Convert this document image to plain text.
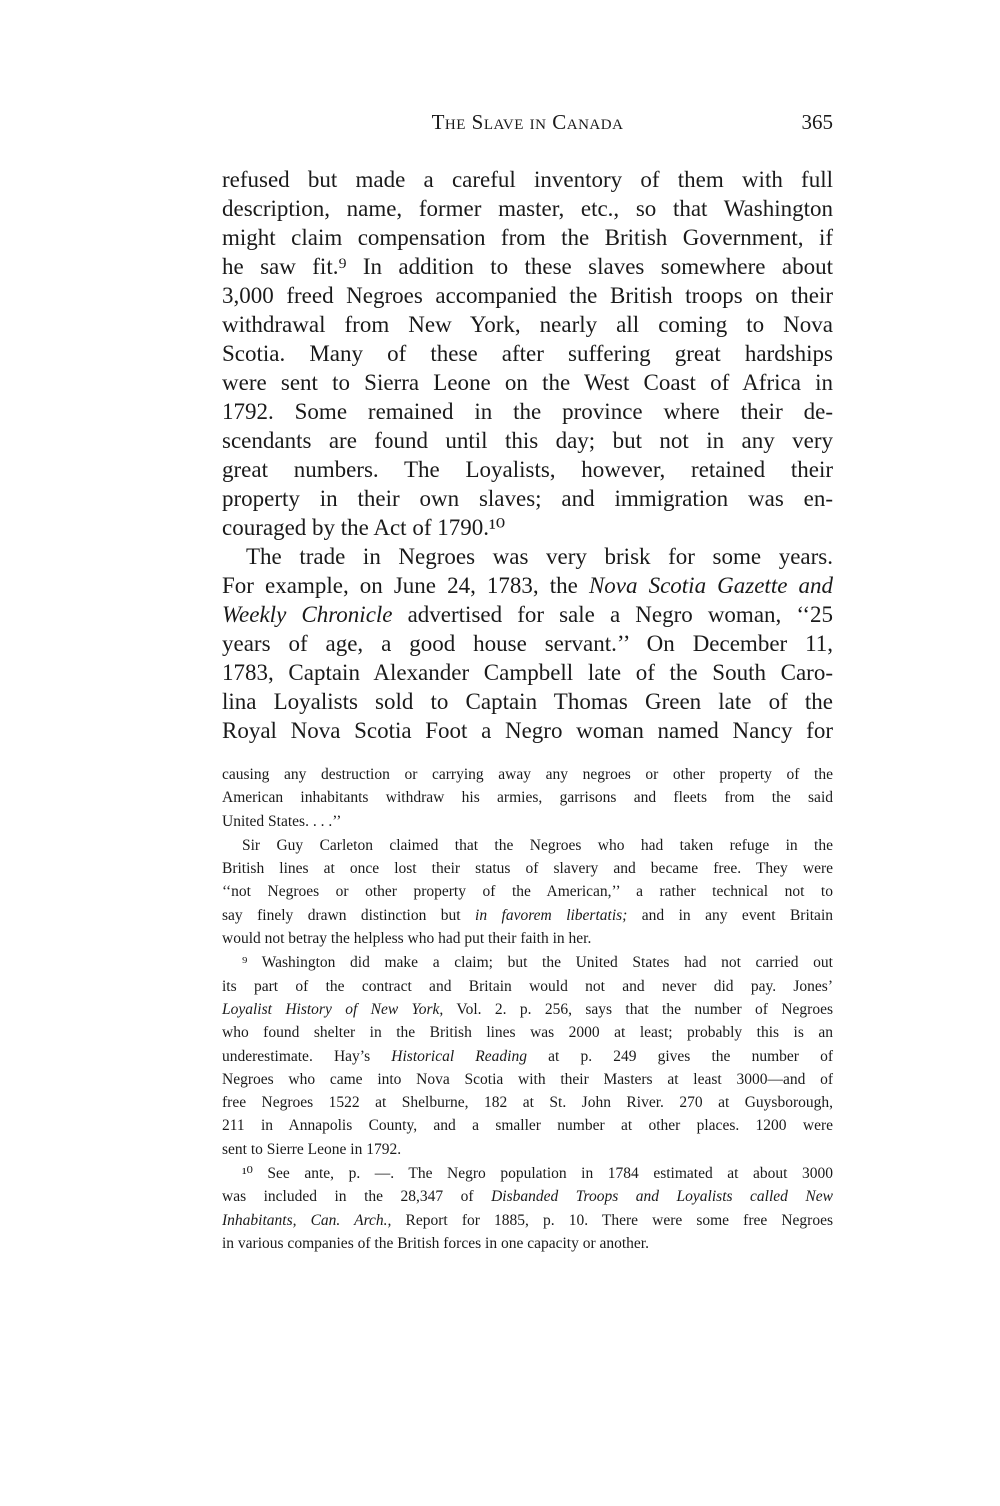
The Slave in Canada	365
refused but made a careful inventory of them with full
description, name, former master, etc., so that Washington
might claim compensation from the British Government, if
he saw fit.⁹ In addition to these slaves somewhere about
3,000 freed Negroes accompanied the British troops on their
withdrawal from New York, nearly all coming to Nova
Scotia. Many of these after suffering great hardships
were sent to Sierra Leone on the West Coast of Africa in
1792. Some remained in the province where their de-
scendants are found until this day; but not in any very
great numbers. The Loyalists, however, retained their
property in their own slaves; and immigration was en-
couraged by the Act of 1790.¹⁰
The trade in Negroes was very brisk for some years.
For example, on June 24, 1783, the Nova Scotia Gazette and
Weekly Chronicle advertised for sale a Negro woman, ‘‘25
years of age, a good house servant.’’ On December 11,
1783, Captain Alexander Campbell late of the South Caro-
lina Loyalists sold to Captain Thomas Green late of the
Royal Nova Scotia Foot a Negro woman named Nancy for
causing any destruction or carrying away any negroes or other property of the
American inhabitants withdraw his armies, garrisons and fleets from the said
United States. . . .’’
Sir Guy Carleton claimed that the Negroes who had taken refuge in the
British lines at once lost their status of slavery and became free. They were
‘‘not Negroes or other property of the American,’’ a rather technical not to
say finely drawn distinction but in favorem libertatis; and in any event Britain
would not betray the helpless who had put their faith in her.
⁹ Washington did make a claim; but the United States had not carried out
its part of the contract and Britain would not and never did pay. Jones’
Loyalist History of New York, Vol. 2. p. 256, says that the number of Negroes
who found shelter in the British lines was 2000 at least; probably this is an
underestimate. Hay’s Historical Reading at p. 249 gives the number of
Negroes who came into Nova Scotia with their Masters at least 3000—and of
free Negroes 1522 at Shelburne, 182 at St. John River. 270 at Guysborough,
211 in Annapolis County, and a smaller number at other places. 1200 were
sent to Sierre Leone in 1792.
¹⁰ See ante, p. —. The Negro population in 1784 estimated at about 3000
was included in the 28,347 of Disbanded Troops and Loyalists called New
Inhabitants, Can. Arch., Report for 1885, p. 10. There were some free Negroes
in various companies of the British forces in one capacity or another.
